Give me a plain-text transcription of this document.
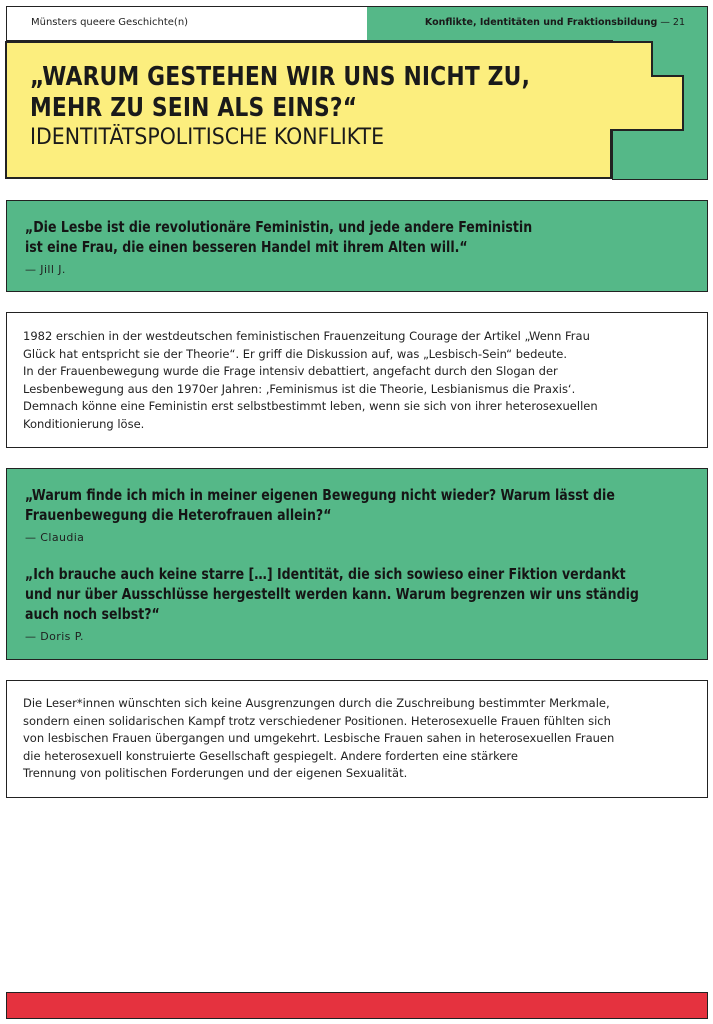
Münsters queere Geschichte(n)	Konflikte, Identitäten und Fraktionsbildung — 21
„WARUM GESTEHEN WIR UNS NICHT ZU,
MEHR ZU SEIN ALS EINS?“
IDENTITÄTSPOLITISCHE KONFLIKTE
„Die Lesbe ist die revolutionäre Feministin, und jede andere Feministin
ist eine Frau, die einen besseren Handel mit ihrem Alten will.“
— Jill J.
1982 erschien in der westdeutschen feministischen Frauenzeitung Courage der Artikel „Wenn Frau
Glück hat entspricht sie der Theorie“. Er griff die Diskussion auf, was „Lesbisch-Sein“ bedeute.
In der Frauenbewegung wurde die Frage intensiv debattiert, angefacht durch den Slogan der
Lesbenbewegung aus den 1970er Jahren: ‚Feminismus ist die Theorie, Lesbianismus die Praxis‘.
Demnach könne eine Feministin erst selbstbestimmt leben, wenn sie sich von ihrer heterosexuellen
Konditionierung löse.
„Warum finde ich mich in meiner eigenen Bewegung nicht wieder? Warum lässt die
Frauenbewegung die Heterofrauen allein?“
— Claudia
„Ich brauche auch keine starre […] Identität, die sich sowieso einer Fiktion verdankt
und nur über Ausschlüsse hergestellt werden kann. Warum begrenzen wir uns ständig
auch noch selbst?“
— Doris P.
Die Leser*innen wünschten sich keine Ausgrenzungen durch die Zuschreibung bestimmter Merkmale,
sondern einen solidarischen Kampf trotz verschiedener Positionen. Heterosexuelle Frauen fühlten sich
von lesbischen Frauen übergangen und umgekehrt. Lesbische Frauen sahen in heterosexuellen Frauen
die heterosexuell konstruierte Gesellschaft gespiegelt. Andere forderten eine stärkere
Trennung von politischen Forderungen und der eigenen Sexualität.
